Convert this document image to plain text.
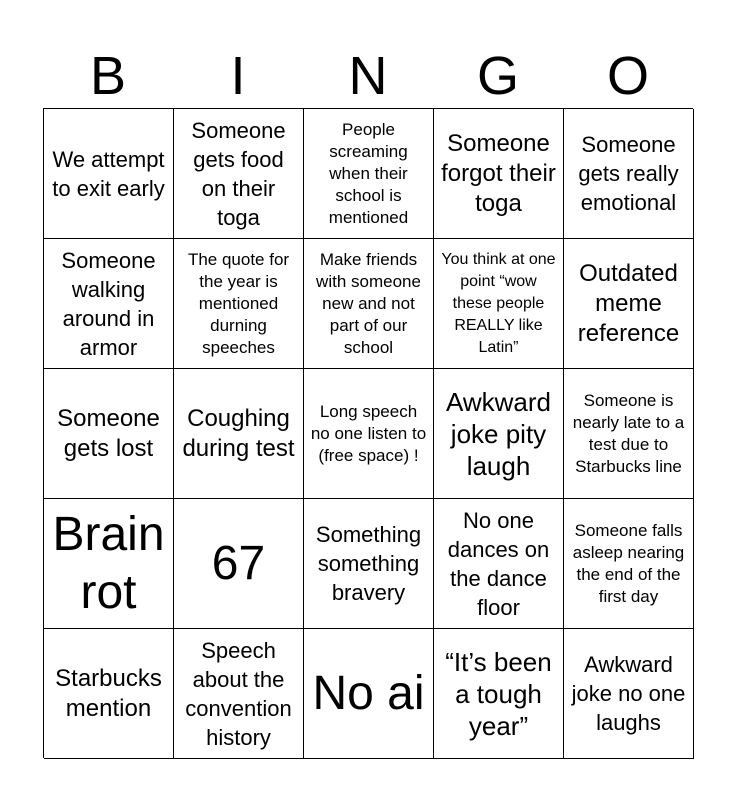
B	I	N	G	O
We attempt to exit early
Someone gets food on their toga
People screaming when their school is mentioned
Someone forgot their toga
Someone gets really emotional
Someone walking around in armor
The quote for the year is mentioned durning speeches
Make friends with someone new and not part of our school
You think at one point “wow these people REALLY like Latin”
Outdated meme reference
Someone gets lost
Coughing during test
Long speech no one listen to (free space) !
Awkward joke pity laugh
Someone is nearly late to a test due to Starbucks line
Brain rot
67
Something something bravery
No one dances on the dance floor
Someone falls asleep nearing the end of the first day
Starbucks mention
Speech about the convention history
No ai
“It’s been a tough year”
Awkward joke no one laughs
